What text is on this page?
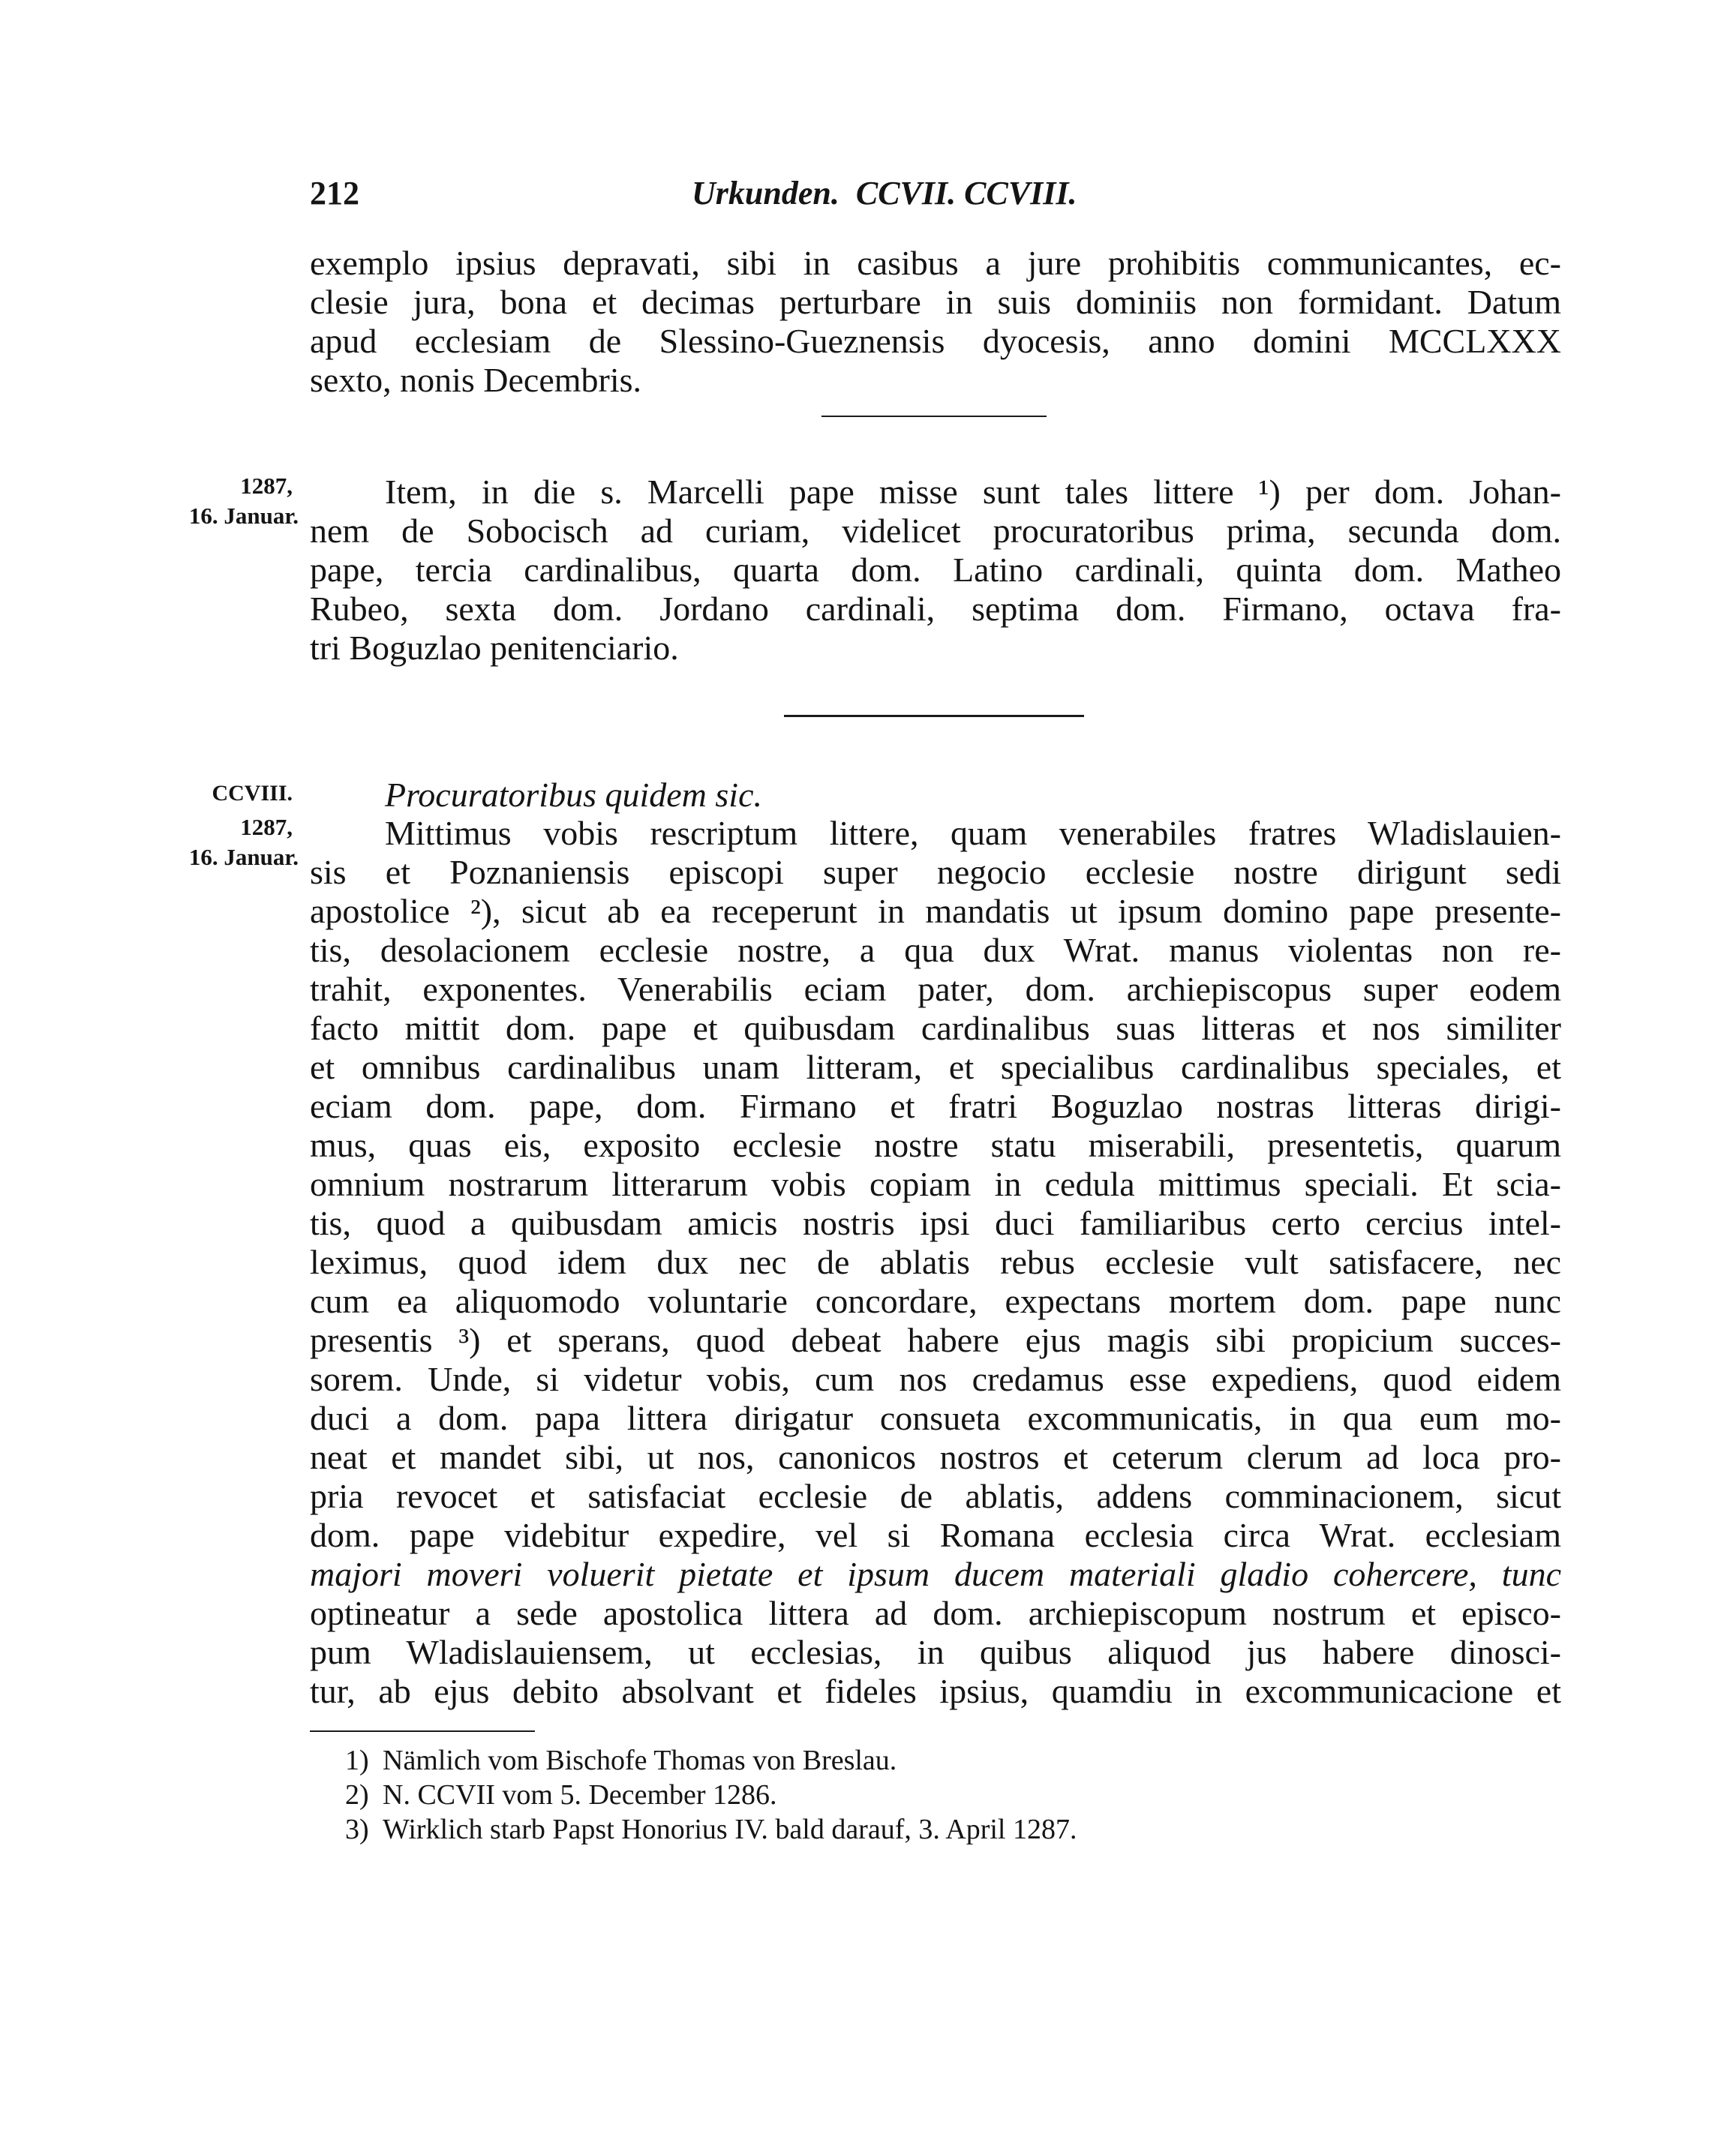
212	Urkunden.  CCVII. CCVIII.
exemplo ipsius depravati, sibi in casibus a jure prohibitis communicantes, ec-
clesie jura, bona et decimas perturbare in suis dominiis non formidant. Datum
apud ecclesiam de Slessino-Gueznensis dyocesis, anno domini MCCLXXX
sexto, nonis Decembris.
1287,
16. Januar.
Item, in die s. Marcelli pape misse sunt tales littere ¹) per dom. Johan-
nem de Sobocisch ad curiam, videlicet procuratoribus prima, secunda dom.
pape, tercia cardinalibus, quarta dom. Latino cardinali, quinta dom. Matheo
Rubeo, sexta dom. Jordano cardinali, septima dom. Firmano, octava fra-
tri Boguzlao penitenciario.
CCVIII.
1287,
16. Januar.
Procuratoribus quidem sic.
Mittimus vobis rescriptum littere, quam venerabiles fratres Wladislauien-
sis et Poznaniensis episcopi super negocio ecclesie nostre dirigunt sedi
apostolice ²), sicut ab ea receperunt in mandatis ut ipsum domino pape presente-
tis, desolacionem ecclesie nostre, a qua dux Wrat. manus violentas non re-
trahit, exponentes. Venerabilis eciam pater, dom. archiepiscopus super eodem
facto mittit dom. pape et quibusdam cardinalibus suas litteras et nos similiter
et omnibus cardinalibus unam litteram, et specialibus cardinalibus speciales, et
eciam dom. pape, dom. Firmano et fratri Boguzlao nostras litteras dirigi-
mus, quas eis, exposito ecclesie nostre statu miserabili, presentetis, quarum
omnium nostrarum litterarum vobis copiam in cedula mittimus speciali. Et scia-
tis, quod a quibusdam amicis nostris ipsi duci familiaribus certo cercius intel-
leximus, quod idem dux nec de ablatis rebus ecclesie vult satisfacere, nec
cum ea aliquomodo voluntarie concordare, expectans mortem dom. pape nunc
presentis ³) et sperans, quod debeat habere ejus magis sibi propicium succes-
sorem. Unde, si videtur vobis, cum nos credamus esse expediens, quod eidem
duci a dom. papa littera dirigatur consueta excommunicatis, in qua eum mo-
neat et mandet sibi, ut nos, canonicos nostros et ceterum clerum ad loca pro-
pria revocet et satisfaciat ecclesie de ablatis, addens comminacionem, sicut
dom. pape videbitur expedire, vel si Romana ecclesia circa Wrat. ecclesiam
majori moveri voluerit pietate et ipsum ducem materiali gladio cohercere, tunc
optineatur a sede apostolica littera ad dom. archiepiscopum nostrum et episco-
pum Wladislauiensem, ut ecclesias, in quibus aliquod jus habere dinosci-
tur, ab ejus debito absolvant et fideles ipsius, quamdiu in excommunicacione et
1) Nämlich vom Bischofe Thomas von Breslau.
2) N. CCVII vom 5. December 1286.
3) Wirklich starb Papst Honorius IV. bald darauf, 3. April 1287.
